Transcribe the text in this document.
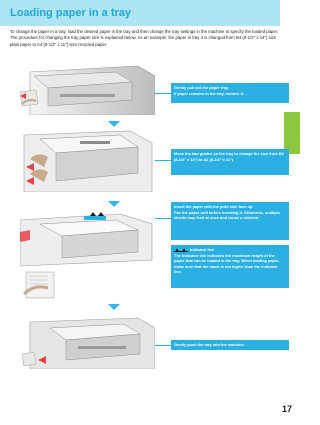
Loading paper in a tray

To change the paper in a tray, load the desired paper in the tray and then change the tray settings in the machine to specify the loaded paper. The procedure for changing the tray paper size is explained below. As an example, the paper in tray 3 is changed from B4 (8-1/2" x 14") size plain paper to A4 (8-1/2" x 11") size recycled paper.

Gently pull out the paper tray.
If paper remains in the tray, remove it.
Move the two guides on the tray to change the size from B4 (8-1/2" x 14") to A4 (8-1/2" x 11").
Insert the paper with the print side face up.
Fan the paper well before inserting it. Otherwise, multiple sheets may feed at once and cause a misfeed.
Indicator line
The indicator line indicates the maximum height of the paper that can be loaded in the tray. When loading paper, make sure that the stack is not higher than the indicator line.
Gently push the tray into the machine.
17
